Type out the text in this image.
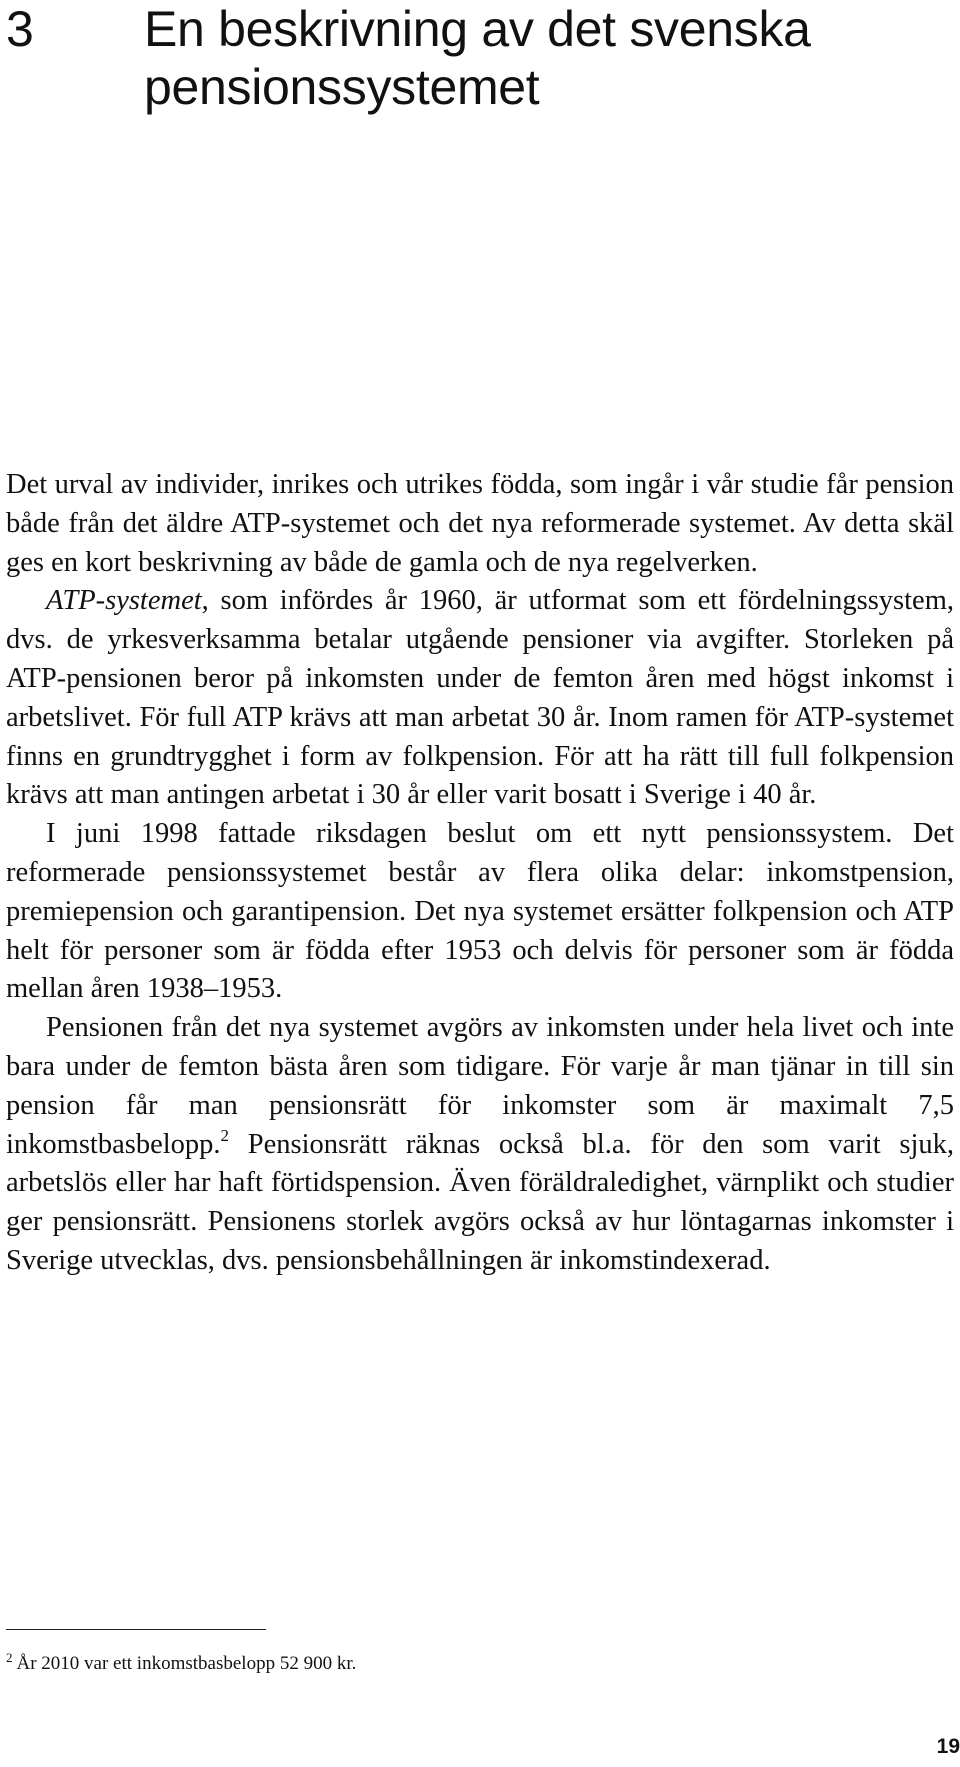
3 En beskrivning av det svenska pensionssystemet

Det urval av individer, inrikes och utrikes födda, som ingår i vår studie får pension både från det äldre ATP-systemet och det nya reformerade systemet. Av detta skäl ges en kort beskrivning av både de gamla och de nya regelverken.

ATP-systemet, som infördes år 1960, är utformat som ett fördelningssystem, dvs. de yrkesverksamma betalar utgående pensioner via avgifter. Storleken på ATP-pensionen beror på inkomsten under de femton åren med högst inkomst i arbetslivet. För full ATP krävs att man arbetat 30 år. Inom ramen för ATP-systemet finns en grundtrygghet i form av folkpension. För att ha rätt till full folkpension krävs att man antingen arbetat i 30 år eller varit bosatt i Sverige i 40 år.

I juni 1998 fattade riksdagen beslut om ett nytt pensionssystem. Det reformerade pensionssystemet består av flera olika delar: inkomstpension, premiepension och garantipension. Det nya systemet ersätter folkpension och ATP helt för personer som är födda efter 1953 och delvis för personer som är födda mellan åren 1938–1953.

Pensionen från det nya systemet avgörs av inkomsten under hela livet och inte bara under de femton bästa åren som tidigare. För varje år man tjänar in till sin pension får man pensionsrätt för inkomster som är maximalt 7,5 inkomstbasbelopp.$^2$ Pensionsrätt räknas också bl.a. för den som varit sjuk, arbetslös eller har haft förtidspension. Även föräldraledighet, värnplikt och studier ger pensionsrätt. Pensionens storlek avgörs också av hur löntagarnas inkomster i Sverige utvecklas, dvs. pensionsbehållningen är inkomstindexerad.

$^2$ År 2010 var ett inkomstbasbelopp 52 900 kr.
19
